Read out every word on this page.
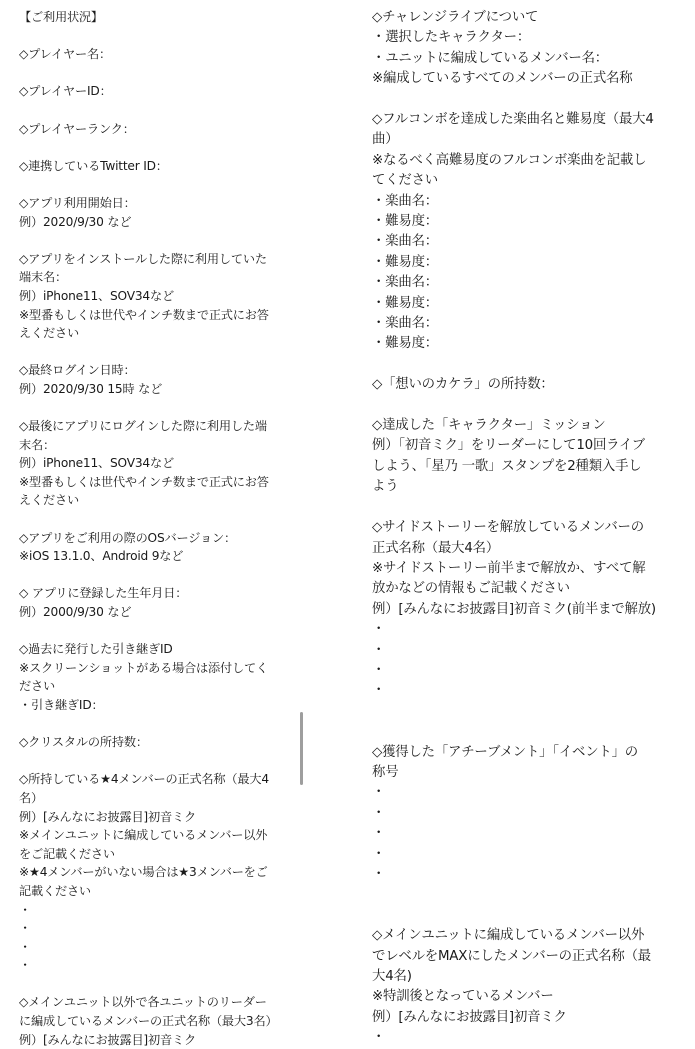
【ご利用状況】
◇プレイヤー名：
◇プレイヤーID：
◇プレイヤーランク：
◇連携しているTwitter ID：
◇アプリ利用開始日：
例）2020/9/30 など
◇アプリをインストールした際に利用していた
端末名：
例）iPhone11、SOV34など
※型番もしくは世代やインチ数まで正式にお答
えください
◇最終ログイン日時：
例）2020/9/30 15時 など
◇最後にアプリにログインした際に利用した端
末名：
例）iPhone11、SOV34など
※型番もしくは世代やインチ数まで正式にお答
えください
◇アプリをご利用の際のOSバージョン：
※iOS 13.1.0、Android 9など
◇ アプリに登録した生年月日：
例）2000/9/30 など
◇過去に発行した引き継ぎID
※スクリーンショットがある場合は添付してく
ださい
・引き継ぎID：
◇クリスタルの所持数：
◇所持している★4メンバーの正式名称（最大4
名）
例）[みんなにお披露目]初音ミク
※メインユニットに編成しているメンバー以外
をご記載ください
※★4メンバーがいない場合は★3メンバーをご
記載ください
・
・
・
・
◇メインユニット以外で各ユニットのリーダー
に編成しているメンバーの正式名称（最大3名）
例）[みんなにお披露目]初音ミク
◇チャレンジライブについて
・選択したキャラクター：
・ユニットに編成しているメンバー名：
※編成しているすべてのメンバーの正式名称
◇フルコンボを達成した楽曲名と難易度（最大4
曲）
※なるべく高難易度のフルコンボ楽曲を記載し
てください
・楽曲名：
・難易度：
・楽曲名：
・難易度：
・楽曲名：
・難易度：
・楽曲名：
・難易度：
◇「想いのカケラ」の所持数：
◇達成した「キャラクター」ミッション
例）「初音ミク」をリーダーにして10回ライブ
しよう、「星乃 一歌」スタンプを2種類入手し
よう
◇サイドストーリーを解放しているメンバーの
正式名称（最大4名）
※サイドストーリー前半まで解放か、すべて解
放かなどの情報もご記載ください
例）[みんなにお披露目]初音ミク(前半まで解放)
・
・
・
・
◇獲得した「アチーブメント」「イベント」の
称号
・
・
・
・
・
◇メインユニットに編成しているメンバー以外
でレベルをMAXにしたメンバーの正式名称（最
大4名)
※特訓後となっているメンバー
例）[みんなにお披露目]初音ミク
・
